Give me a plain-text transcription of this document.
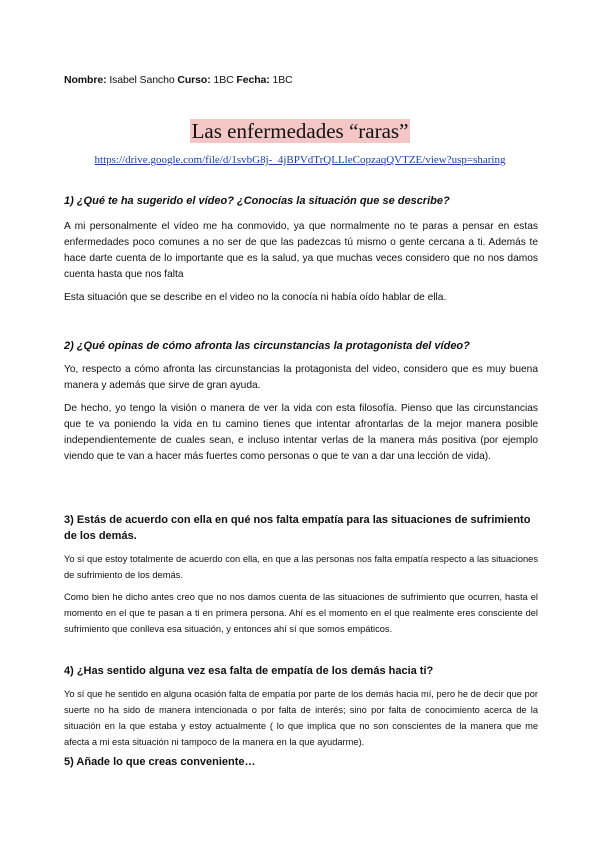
Nombre: Isabel Sancho Curso: 1BC Fecha: 1BC
Las enfermedades “raras”
https://drive.google.com/file/d/1svbG8j-_4jBPVdTrQLLleCopzaqQVTZE/view?usp=sharing
1) ¿Qué te ha sugerido el vídeo? ¿Conocías la situación que se describe?
A mi personalmente el vídeo me ha conmovido, ya que normalmente no te paras a pensar en estas enfermedades poco comunes a no ser de que las padezcas tú mismo o gente cercana a ti. Además te hace darte cuenta de lo importante que es la salud, ya que muchas veces considero que no nos damos cuenta hasta que nos falta
Esta situación que se describe en el video no la conocía ni había oído hablar de ella.
2) ¿Qué opinas de cómo afronta las circunstancias la protagonista del vídeo?
Yo, respecto a cómo afronta las circunstancias la protagonista del video, considero que es muy buena manera y además que sirve de gran ayuda.
De hecho, yo tengo la visión o manera de ver la vida con esta filosofía. Pienso que las circunstancias que te va poniendo la vida en tu camino tienes que intentar afrontarlas de la mejor manera posible independientemente de cuales sean, e incluso intentar verlas de la manera más positiva (por ejemplo viendo que te van a hacer más fuertes como personas o que te van a dar una lección de vida).
3) Estás de acuerdo con ella en qué nos falta empatía para las situaciones de sufrimiento de los demás.
Yo sí que estoy totalmente de acuerdo con ella, en que a las personas nos falta empatía respecto a las situaciones de sufrimiento de los demás.
Como bien he dicho antes creo que no nos damos cuenta de las situaciones de sufrimiento que ocurren, hasta el momento en el que te pasan a ti en primera persona. Ahí es el momento en el que realmente eres consciente del sufrimiento que conlleva esa situación, y entonces ahí sí que somos empáticos.
4) ¿Has sentido alguna vez esa falta de empatía de los demás hacia ti?
Yo sí que he sentido en alguna ocasión falta de empatía por parte de los demás hacia mí, pero he de decir que por suerte no ha sido de manera intencionada o por falta de interés; sino por falta de conocimiento acerca de la situación en la que estaba y estoy actualmente ( lo que implica que no son conscientes de la manera que me afecta a mi esta situación ni tampoco de la manera en la que ayudarme).
5) Añade lo que creas conveniente…
